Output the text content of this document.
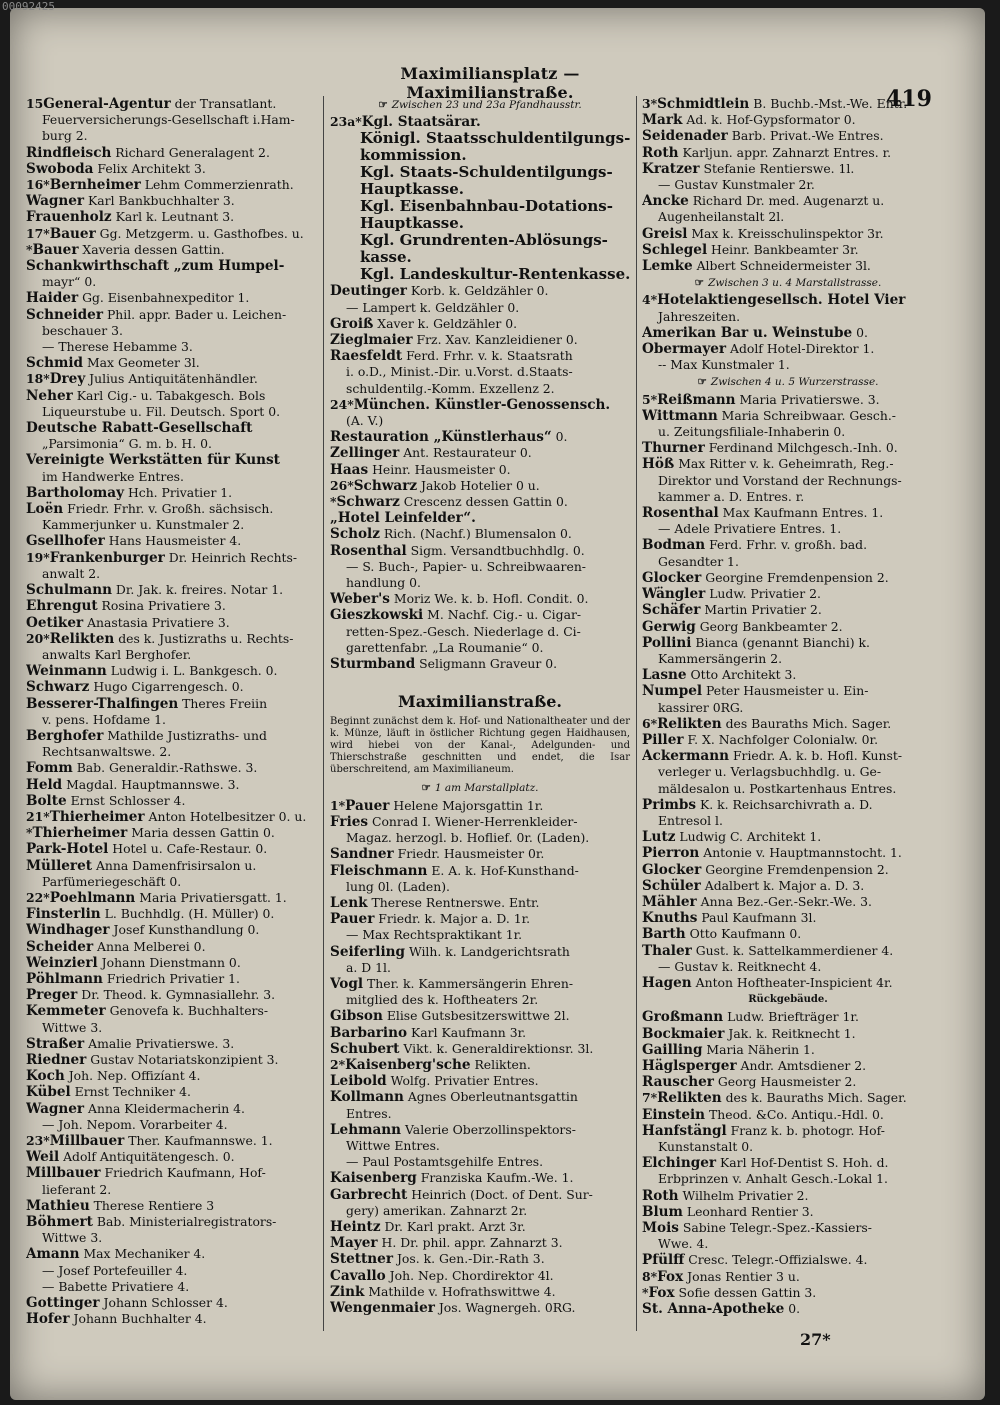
00092425
Maximiliansplatz — Maximilianstraße.	419
15General-Agentur der Transatlant.
Feuerversicherungs-Gesellschaft i.Ham-
burg 2.
Rindfleisch Richard Generalagent 2.
Swoboda Felix Architekt 3.
16*Bernheimer Lehm Commerzienrath.
Wagner Karl Bankbuchhalter 3.
Frauenholz Karl k. Leutnant 3.
17*Bauer Gg. Metzgerm. u. Gasthofbes. u.
*Bauer Xaveria dessen Gattin.
Schankwirthschaft „zum Humpel-
mayr“ 0.
Haider Gg. Eisenbahnexpeditor 1.
Schneider Phil. appr. Bader u. Leichen-
beschauer 3.
— Therese Hebamme 3.
Schmid Max Geometer 3l.
18*Drey Julius Antiquitätenhändler.
Neher Karl Cig.- u. Tabakgesch. Bols
Liqueurstube u. Fil. Deutsch. Sport 0.
Deutsche Rabatt-Gesellschaft
„Parsimonia“ G. m. b. H. 0.
Vereinigte Werkstätten für Kunst
im Handwerke Entres.
Bartholomay Hch. Privatier 1.
Loën Friedr. Frhr. v. Großh. sächsisch.
Kammerjunker u. Kunstmaler 2.
Gsellhofer Hans Hausmeister 4.
19*Frankenburger Dr. Heinrich Rechts-
anwalt 2.
Schulmann Dr. Jak. k. freires. Notar 1.
Ehrengut Rosina Privatiere 3.
Oetiker Anastasia Privatiere 3.
20*Relikten des k. Justizraths u. Rechts-
anwalts Karl Berghofer.
Weinmann Ludwig i. L. Bankgesch. 0.
Schwarz Hugo Cigarrengesch. 0.
Besserer-Thalfingen Theres Freiin
v. pens. Hofdame 1.
Berghofer Mathilde Justizraths- und
Rechtsanwaltswe. 2.
Fomm Bab. Generaldir.-Rathswe. 3.
Held Magdal. Hauptmannswe. 3.
Bolte Ernst Schlosser 4.
21*Thierheimer Anton Hotelbesitzer 0. u.
*Thierheimer Maria dessen Gattin 0.
Park-Hotel Hotel u. Cafe-Restaur. 0.
Mülleret Anna Damenfrisirsalon u.
Parfümeriegeschäft 0.
22*Poehlmann Maria Privatiersgatt. 1.
Finsterlin L. Buchhdlg. (H. Müller) 0.
Windhager Josef Kunsthandlung 0.
Scheider Anna Melberei 0.
Weinzierl Johann Dienstmann 0.
Pöhlmann Friedrich Privatier 1.
Preger Dr. Theod. k. Gymnasiallehr. 3.
Kemmeter Genovefa k. Buchhalters-
Wittwe 3.
Straßer Amalie Privatierswe. 3.
Riedner Gustav Notariatskonzipient 3.
Koch Joh. Nep. Offizíant 4.
Kübel Ernst Techniker 4.
Wagner Anna Kleidermacherin 4.
— Joh. Nepom. Vorarbeiter 4.
23*Millbauer Ther. Kaufmannswe. 1.
Weil Adolf Antiquitätengesch. 0.
Millbauer Friedrich Kaufmann, Hof-
lieferant 2.
Mathieu Therese Rentiere 3
Böhmert Bab. Ministerialregistrators-
Wittwe 3.
Amann Max Mechaniker 4.
— Josef Portefeuiller 4.
— Babette Privatiere 4.
Gottinger Johann Schlosser 4.
Hofer Johann Buchhalter 4.
☞ Zwischen 23 und 23a Pfandhausstr.
23a*Kgl. Staatsärar.
Königl. Staatsschuldentilgungs-
kommission.
Kgl. Staats-Schuldentilgungs-
Hauptkasse.
Kgl. Eisenbahnbau-Dotations-
Hauptkasse.
Kgl. Grundrenten-Ablösungs-
kasse.
Kgl. Landeskultur-Rentenkasse.
Deutinger Korb. k. Geldzähler 0.
— Lampert k. Geldzähler 0.
Groiß Xaver k. Geldzähler 0.
Zieglmaier Frz. Xav. Kanzleidiener 0.
Raesfeldt Ferd. Frhr. v. k. Staatsrath
i. o.D., Minist.-Dir. u.Vorst. d.Staats-
schuldentilg.-Komm. Exzellenz 2.
24*München. Künstler-Genossensch.
(A. V.)
Restauration „Künstlerhaus“ 0.
Zellinger Ant. Restaurateur 0.
Haas Heinr. Hausmeister 0.
26*Schwarz Jakob Hotelier 0 u.
*Schwarz Crescenz dessen Gattin 0.
„Hotel Leinfelder“.
Scholz Rich. (Nachf.) Blumensalon 0.
Rosenthal Sigm. Versandtbuchhdlg. 0.
— S. Buch-, Papier- u. Schreibwaaren-
handlung 0.
Weber's Moriz We. k. b. Hofl. Condit. 0.
Gieszkowski M. Nachf. Cig.- u. Cigar-
retten-Spez.-Gesch. Niederlage d. Ci-
garettenfabr. „La Roumanie“ 0.
Sturmband Seligmann Graveur 0.
Maximilianstraße.
Beginnt zunächst dem k. Hof- und Nationaltheater und der k. Münze, läuft in östlicher Richtung gegen Haidhausen, wird hiebei von der Kanal-, Adelgunden- und Thierschstraße geschnitten und endet, die Isar überschreitend, am Maximilianeum.
☞ 1 am Marstallplatz.
1*Pauer Helene Majorsgattin 1r.
Fries Conrad I. Wiener-Herrenkleider-
Magaz. herzogl. b. Hoflief. 0r. (Laden).
Sandner Friedr. Hausmeister 0r.
Fleischmann E. A. k. Hof-Kunsthand-
lung 0l. (Laden).
Lenk Therese Rentnerswe. Entr.
Pauer Friedr. k. Major a. D. 1r.
— Max Rechtspraktikant 1r.
Seiferling Wilh. k. Landgerichtsrath
a. D 1l.
Vogl Ther. k. Kammersängerin Ehren-
mitglied des k. Hoftheaters 2r.
Gibson Elise Gutsbesitzerswittwe 2l.
Barbarino Karl Kaufmann 3r.
Schubert Vikt. k. Generaldirektionsr. 3l.
2*Kaisenberg'sche Relikten.
Leibold Wolfg. Privatier Entres.
Kollmann Agnes Oberleutnantsgattin
Entres.
Lehmann Valerie Oberzollinspektors-
Wittwe Entres.
— Paul Postamtsgehilfe Entres.
Kaisenberg Franziska Kaufm.-We. 1.
Garbrecht Heinrich (Doct. of Dent. Sur-
gery) amerikan. Zahnarzt 2r.
Heintz Dr. Karl prakt. Arzt 3r.
Mayer H. Dr. phil. appr. Zahnarzt 3.
Stettner Jos. k. Gen.-Dir.-Rath 3.
Cavallo Joh. Nep. Chordirektor 4l.
Zink Mathilde v. Hofrathswittwe 4.
Wengenmaier Jos. Wagnergeh. 0RG.
3*Schmidtlein B. Buchb.-Mst.-We. Entr.
Mark Ad. k. Hof-Gypsformator 0.
Seidenader Barb. Privat.-We Entres.
Roth Karljun. appr. Zahnarzt Entres. r.
Kratzer Stefanie Rentierswe. 1l.
— Gustav Kunstmaler 2r.
Ancke Richard Dr. med. Augenarzt u.
Augenheilanstalt 2l.
Greisl Max k. Kreisschulinspektor 3r.
Schlegel Heinr. Bankbeamter 3r.
Lemke Albert Schneidermeister 3l.
☞ Zwischen 3 u. 4 Marstallstrasse.
4*Hotelaktiengesellsch. Hotel Vier
Jahreszeiten.
Amerikan Bar u. Weinstube 0.
Obermayer Adolf Hotel-Direktor 1.
-- Max Kunstmaler 1.
☞ Zwischen 4 u. 5 Wurzerstrasse.
5*Reißmann Maria Privatierswe. 3.
Wittmann Maria Schreibwaar. Gesch.-
u. Zeitungsfiliale-Inhaberin 0.
Thurner Ferdinand Milchgesch.-Inh. 0.
Höß Max Ritter v. k. Geheimrath, Reg.-
Direktor und Vorstand der Rechnungs-
kammer a. D. Entres. r.
Rosenthal Max Kaufmann Entres. 1.
— Adele Privatiere Entres. 1.
Bodman Ferd. Frhr. v. großh. bad.
Gesandter 1.
Glocker Georgine Fremdenpension 2.
Wängler Ludw. Privatier 2.
Schäfer Martin Privatier 2.
Gerwig Georg Bankbeamter 2.
Pollini Bianca (genannt Bianchi) k.
Kammersängerin 2.
Lasne Otto Architekt 3.
Numpel Peter Hausmeister u. Ein-
kassirer 0RG.
6*Relikten des Bauraths Mich. Sager.
Piller F. X. Nachfolger Colonialw. 0r.
Ackermann Friedr. A. k. b. Hofl. Kunst-
verleger u. Verlagsbuchhdlg. u. Ge-
mäldesalon u. Postkartenhaus Entres.
Primbs K. k. Reichsarchivrath a. D.
Entresol l.
Lutz Ludwig C. Architekt 1.
Pierron Antonie v. Hauptmannstocht. 1.
Glocker Georgine Fremdenpension 2.
Schüler Adalbert k. Major a. D. 3.
Mähler Anna Bez.-Ger.-Sekr.-We. 3.
Knuths Paul Kaufmann 3l.
Barth Otto Kaufmann 0.
Thaler Gust. k. Sattelkammerdiener 4.
— Gustav k. Reitknecht 4.
Hagen Anton Hoftheater-Inspicient 4r.
Rückgebäude.
Großmann Ludw. Briefträger 1r.
Bockmaier Jak. k. Reitknecht 1.
Gailling Maria Näherin 1.
Häglsperger Andr. Amtsdiener 2.
Rauscher Georg Hausmeister 2.
7*Relikten des k. Bauraths Mich. Sager.
Einstein Theod. &Co. Antiqu.-Hdl. 0.
Hanfstängl Franz k. b. photogr. Hof-
Kunstanstalt 0.
Elchinger Karl Hof-Dentist S. Hoh. d.
Erbprinzen v. Anhalt Gesch.-Lokal 1.
Roth Wilhelm Privatier 2.
Blum Leonhard Rentier 3.
Mois Sabine Telegr.-Spez.-Kassiers-
Wwe. 4.
Pfülff Cresc. Telegr.-Offizialswe. 4.
8*Fox Jonas Rentier 3 u.
*Fox Sofie dessen Gattin 3.
St. Anna-Apotheke 0.
27*
